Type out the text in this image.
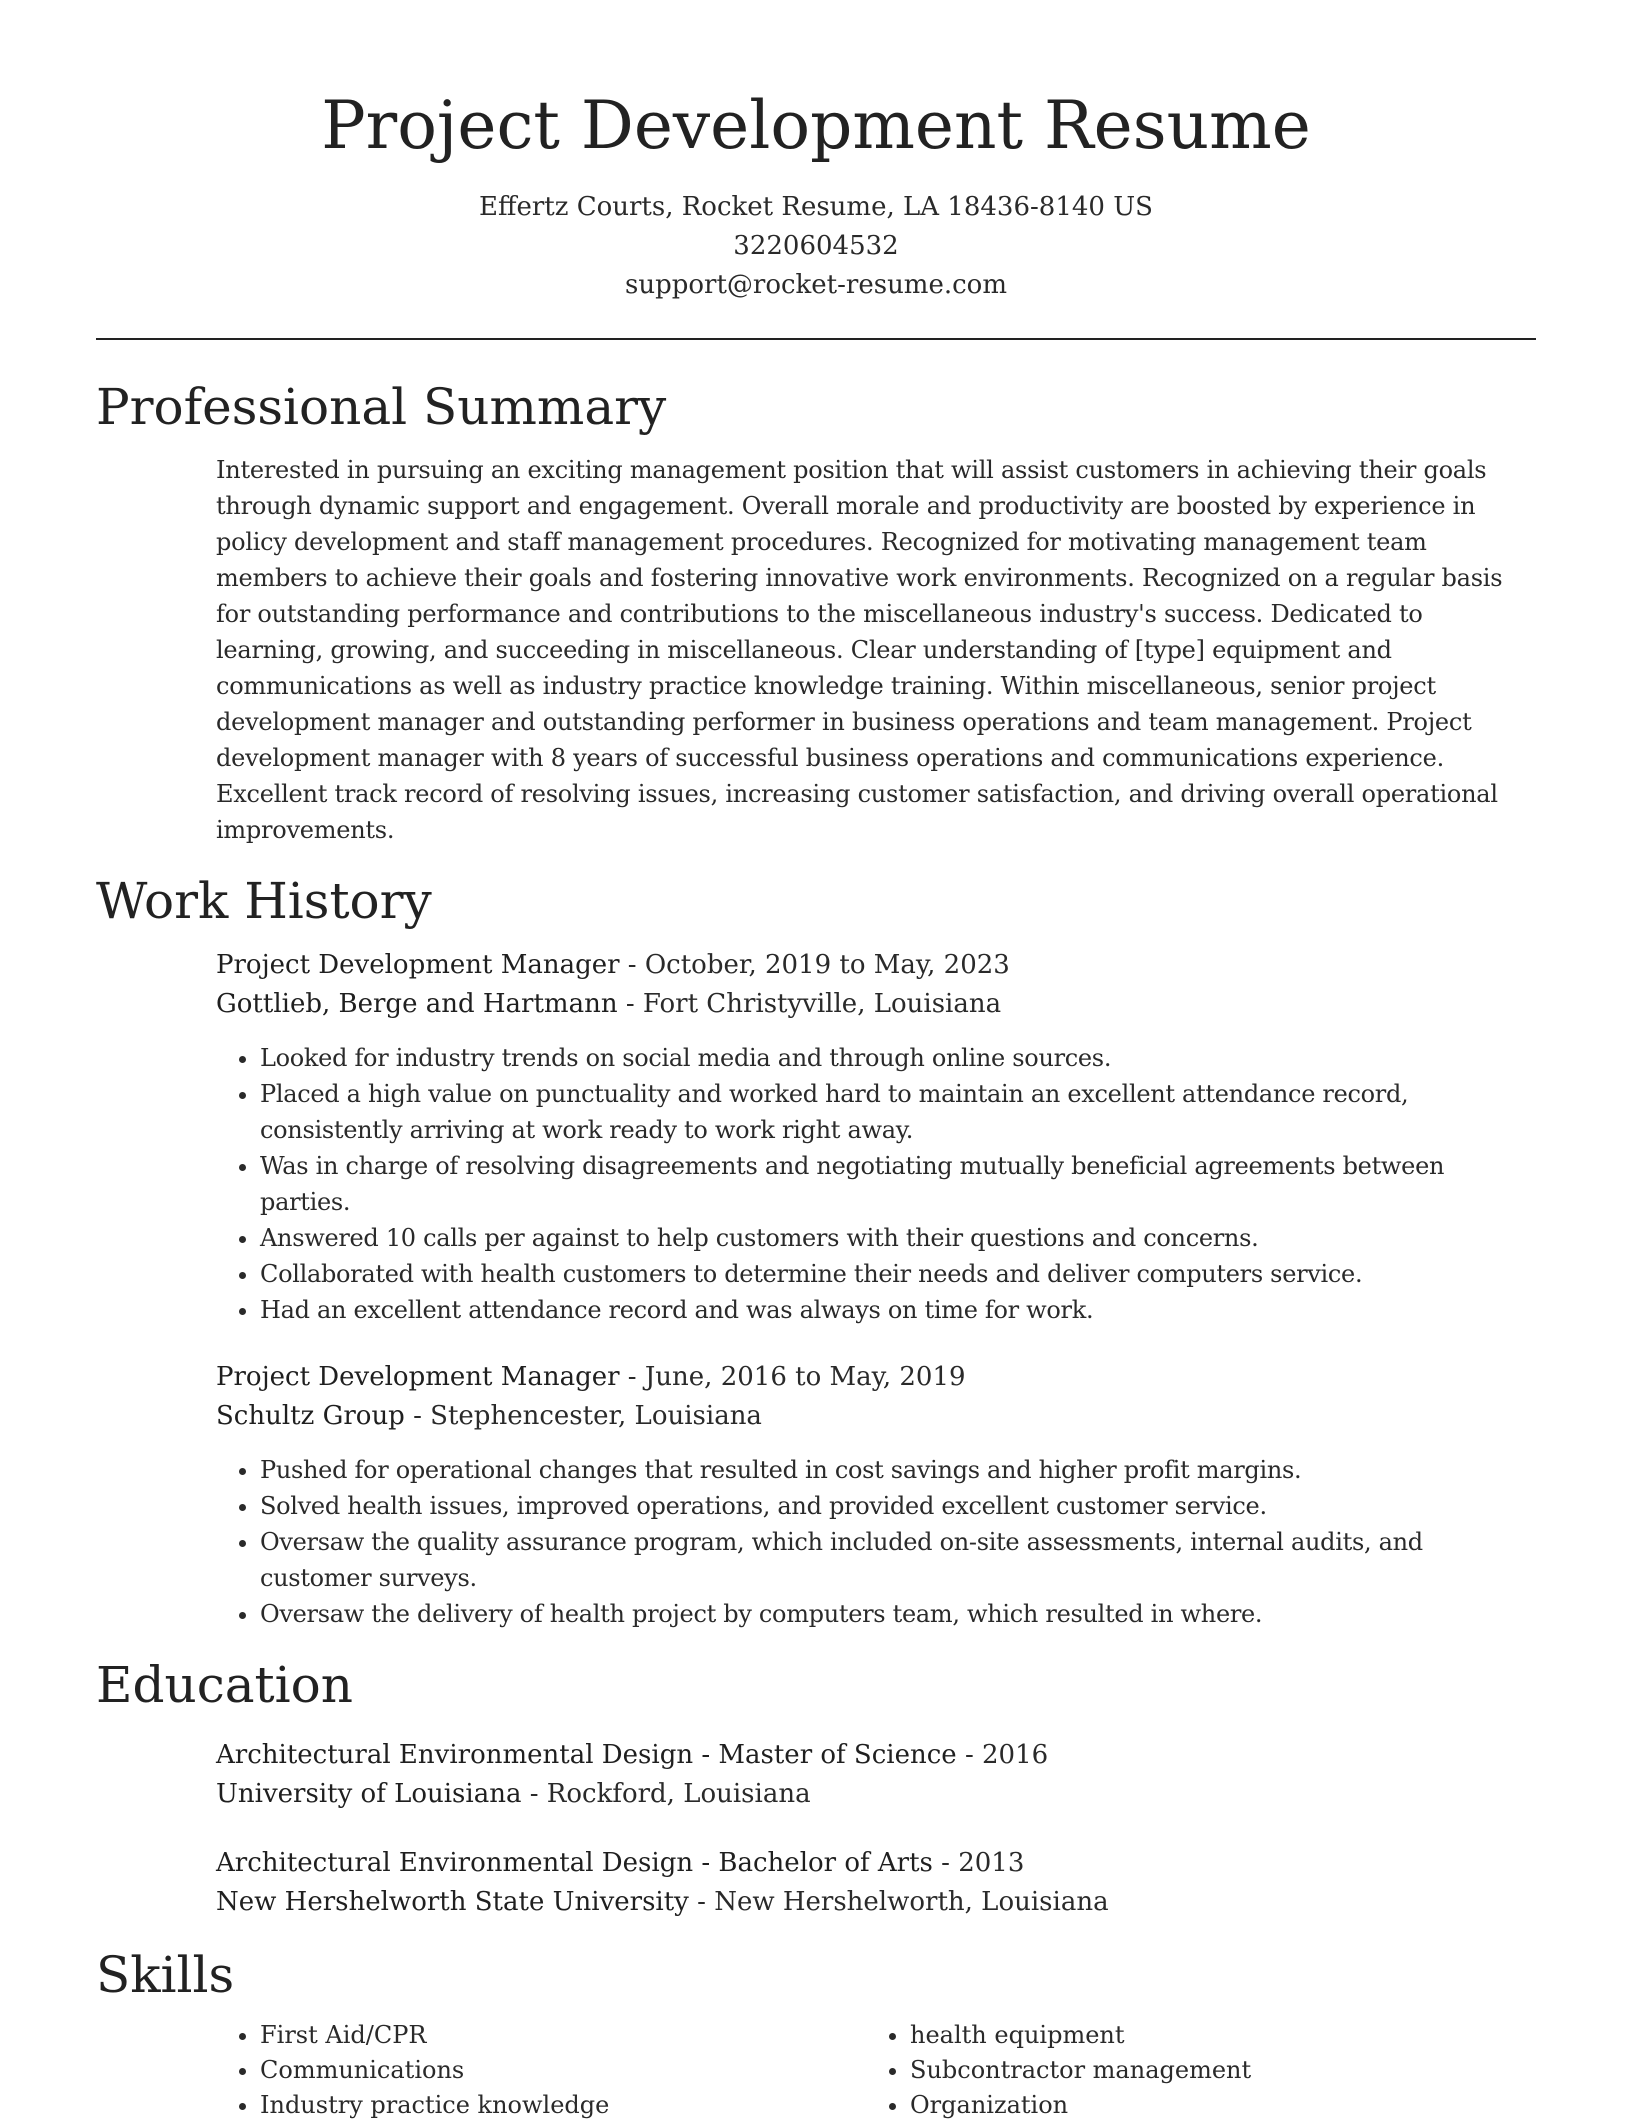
Project Development Resume
Effertz Courts, Rocket Resume, LA 18436-8140 US
3220604532
support@rocket-resume.com
Professional Summary
Interested in pursuing an exciting management position that will assist customers in achieving their goals through dynamic support and engagement. Overall morale and productivity are boosted by experience in policy development and staff management procedures. Recognized for motivating management team members to achieve their goals and fostering innovative work environments. Recognized on a regular basis for outstanding performance and contributions to the miscellaneous industry's success. Dedicated to learning, growing, and succeeding in miscellaneous. Clear understanding of [type] equipment and communications as well as industry practice knowledge training. Within miscellaneous, senior project development manager and outstanding performer in business operations and team management. Project development manager with 8 years of successful business operations and communications experience. Excellent track record of resolving issues, increasing customer satisfaction, and driving overall operational improvements.
Work History
Project Development Manager - October, 2019 to May, 2023
Gottlieb, Berge and Hartmann - Fort Christyville, Louisiana
• Looked for industry trends on social media and through online sources.
• Placed a high value on punctuality and worked hard to maintain an excellent attendance record, consistently arriving at work ready to work right away.
• Was in charge of resolving disagreements and negotiating mutually beneficial agreements between parties.
• Answered 10 calls per against to help customers with their questions and concerns.
• Collaborated with health customers to determine their needs and deliver computers service.
• Had an excellent attendance record and was always on time for work.
Project Development Manager - June, 2016 to May, 2019
Schultz Group - Stephencester, Louisiana
• Pushed for operational changes that resulted in cost savings and higher profit margins.
• Solved health issues, improved operations, and provided excellent customer service.
• Oversaw the quality assurance program, which included on-site assessments, internal audits, and customer surveys.
• Oversaw the delivery of health project by computers team, which resulted in where.
Education
Architectural Environmental Design - Master of Science - 2016
University of Louisiana - Rockford, Louisiana
Architectural Environmental Design - Bachelor of Arts - 2013
New Hershelworth State University - New Hershelworth, Louisiana
Skills
• First Aid/CPR
• Communications
• Industry practice knowledge
• health equipment
• Subcontractor management
• Organization
